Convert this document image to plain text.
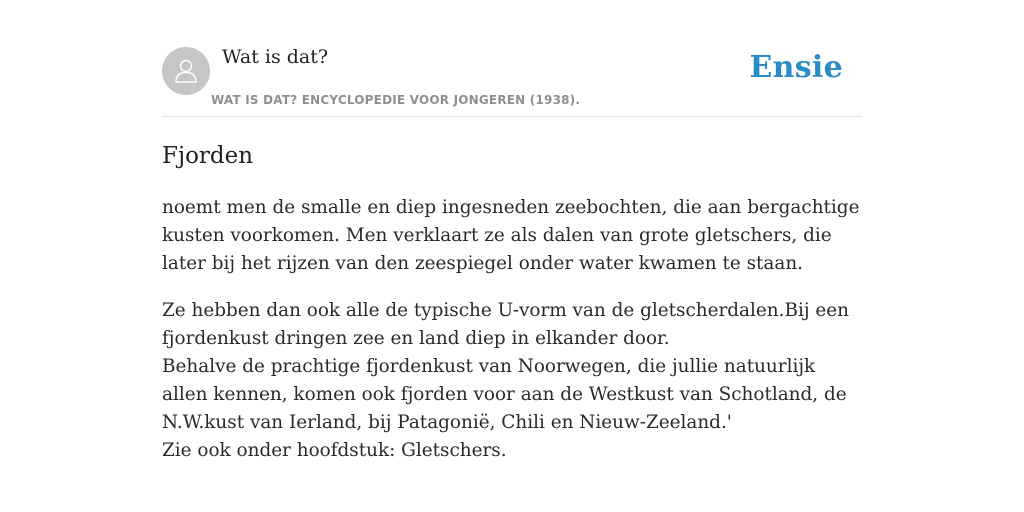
Wat is dat?
WAT IS DAT? ENCYCLOPEDIE VOOR JONGEREN (1938).
Ensie
Fjorden

noemt men de smalle en diep ingesneden zeebochten, die aan bergachtige kusten voorkomen. Men verklaart ze als dalen van grote gletschers, die later bij het rijzen van den zeespiegel onder water kwamen te staan.

Ze hebben dan ook alle de typische U-vorm van de gletscherdalen.Bij een fjordenkust dringen zee en land diep in elkander door.
Behalve de prachtige fjordenkust van Noorwegen, die jullie natuurlijk allen kennen, komen ook fjorden voor aan de Westkust van Schotland, de N.W.kust van Ierland, bij Patagonië, Chili en Nieuw-Zeeland.'
Zie ook onder hoofdstuk: Gletschers.
